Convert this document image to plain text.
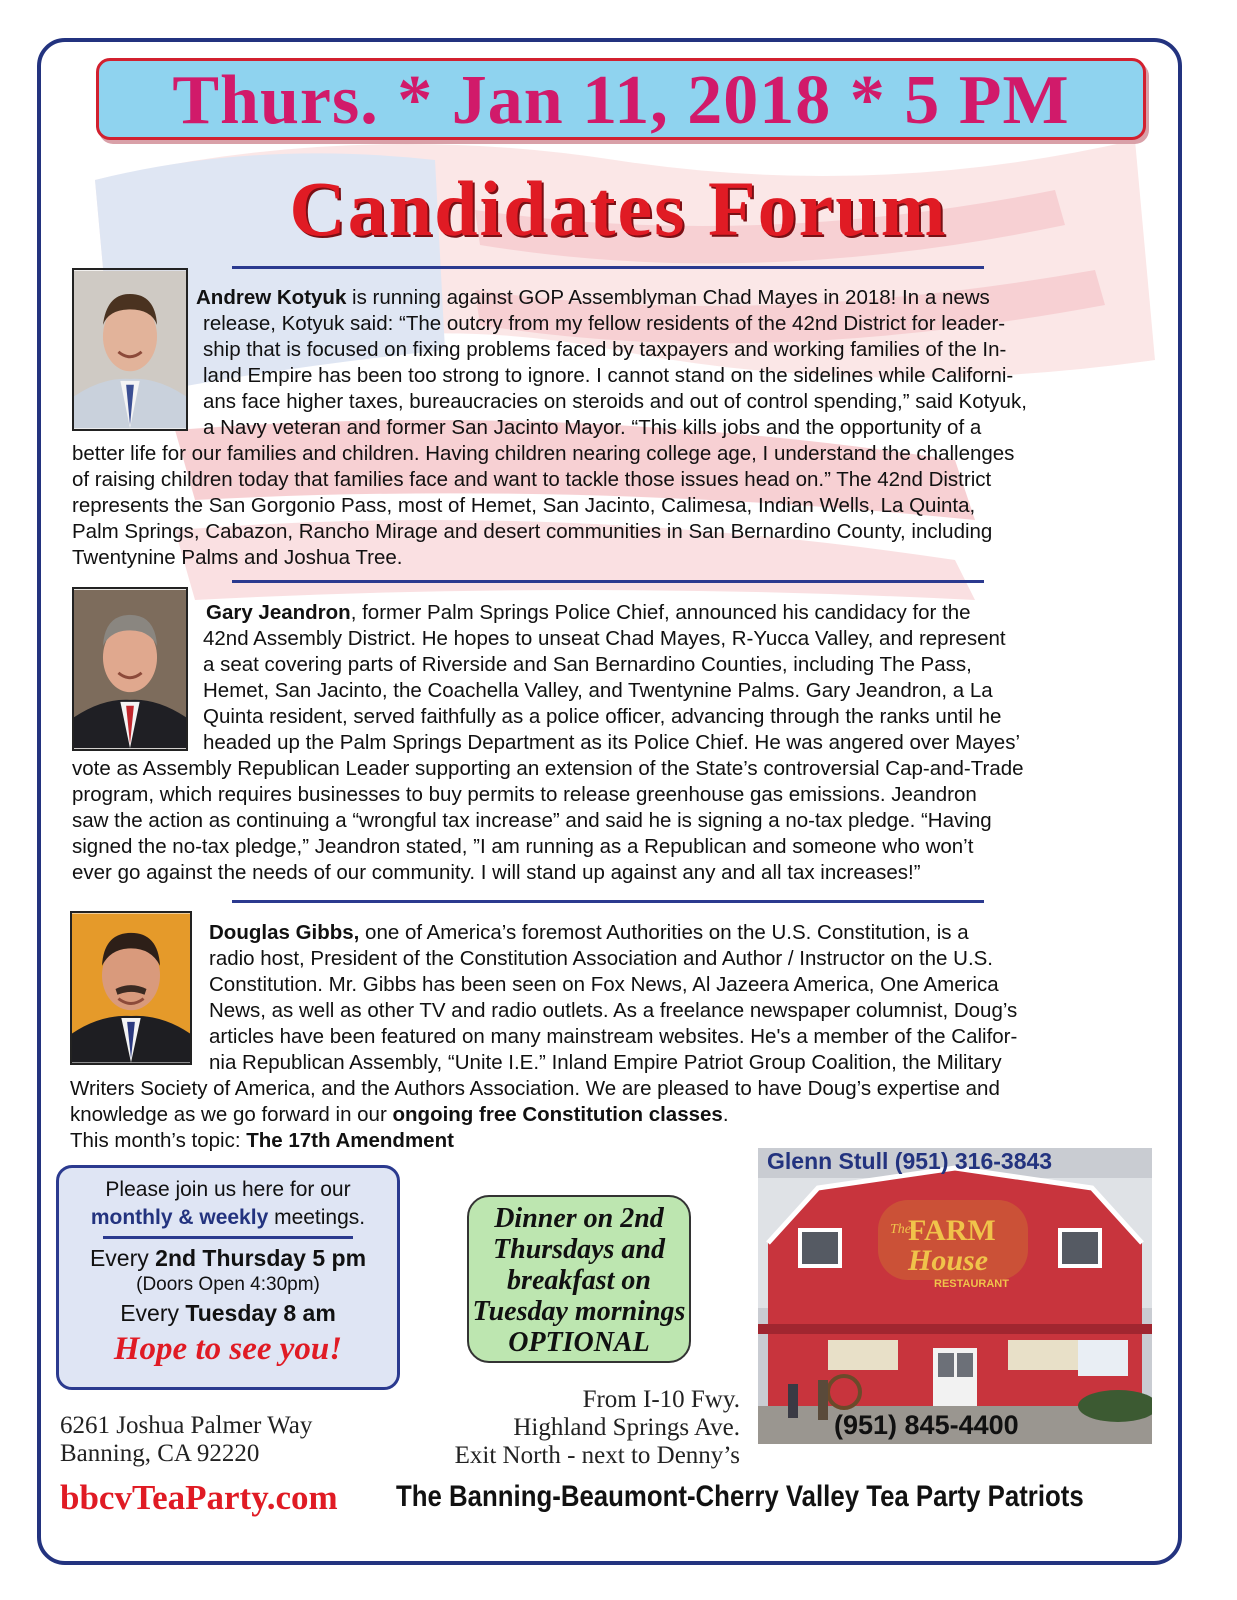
Thurs. * Jan 11, 2018 * 5 PM
Candidates Forum
Andrew Kotyuk is running against GOP Assemblyman Chad Mayes in 2018! In a news
release, Kotyuk said: “The outcry from my fellow residents of the 42nd District for leader-
ship that is focused on fixing problems faced by taxpayers and working families of the In-
land Empire has been too strong to ignore. I cannot stand on the sidelines while Californi-
ans face higher taxes, bureaucracies on steroids and out of control spending,” said Kotyuk,
a Navy veteran and former San Jacinto Mayor. “This kills jobs and the opportunity of a
better life for our families and children. Having children nearing college age, I understand the challenges
of raising children today that families face and want to tackle those issues head on.” The 42nd District
represents the San Gorgonio Pass, most of Hemet, San Jacinto, Calimesa, Indian Wells, La Quinta,
Palm Springs, Cabazon, Rancho Mirage and desert communities in San Bernardino County, including
Twentynine Palms and Joshua Tree.
Gary Jeandron, former Palm Springs Police Chief, announced his candidacy for the
42nd Assembly District. He hopes to unseat Chad Mayes, R-Yucca Valley, and represent
a seat covering parts of Riverside and San Bernardino Counties, including The Pass,
Hemet, San Jacinto, the Coachella Valley, and Twentynine Palms. Gary Jeandron, a La
Quinta resident, served faithfully as a police officer, advancing through the ranks until he
headed up the Palm Springs Department as its Police Chief. He was angered over Mayes’
vote as Assembly Republican Leader supporting an extension of the State’s controversial Cap-and-Trade
program, which requires businesses to buy permits to release greenhouse gas emissions. Jeandron
saw the action as continuing a “wrongful tax increase” and said he is signing a no-tax pledge. “Having
signed the no-tax pledge,” Jeandron stated, ”I am running as a Republican and someone who won’t
ever go against the needs of our community. I will stand up against any and all tax increases!”
Douglas Gibbs, one of America’s foremost Authorities on the U.S. Constitution, is a
radio host, President of the Constitution Association and Author / Instructor on the U.S.
Constitution. Mr. Gibbs has been seen on Fox News, Al Jazeera America, One America
News, as well as other TV and radio outlets. As a freelance newspaper columnist, Doug’s
articles have been featured on many mainstream websites. He's a member of the Califor-
nia Republican Assembly, “Unite I.E.” Inland Empire Patriot Group Coalition, the Military
Writers Society of America, and the Authors Association. We are pleased to have Doug’s expertise and
knowledge as we go forward in our ongoing free Constitution classes.
This month’s topic: The 17th Amendment
Please join us here for our
monthly & weekly meetings.
Every 2nd Thursday 5 pm
(Doors Open 4:30pm)
Every Tuesday 8 am
Hope to see you!
Dinner on 2nd
Thursdays and
breakfast on
Tuesday mornings
OPTIONAL
6261 Joshua Palmer Way
Banning, CA 92220
From I-10 Fwy.
Highland Springs Ave.
Exit North - next to Denny’s
Glenn Stull (951) 316-3843
The
FARM
House
RESTAURANT
(951) 845-4400
bbcvTeaParty.com The Banning-Beaumont-Cherry Valley Tea Party Patriots
